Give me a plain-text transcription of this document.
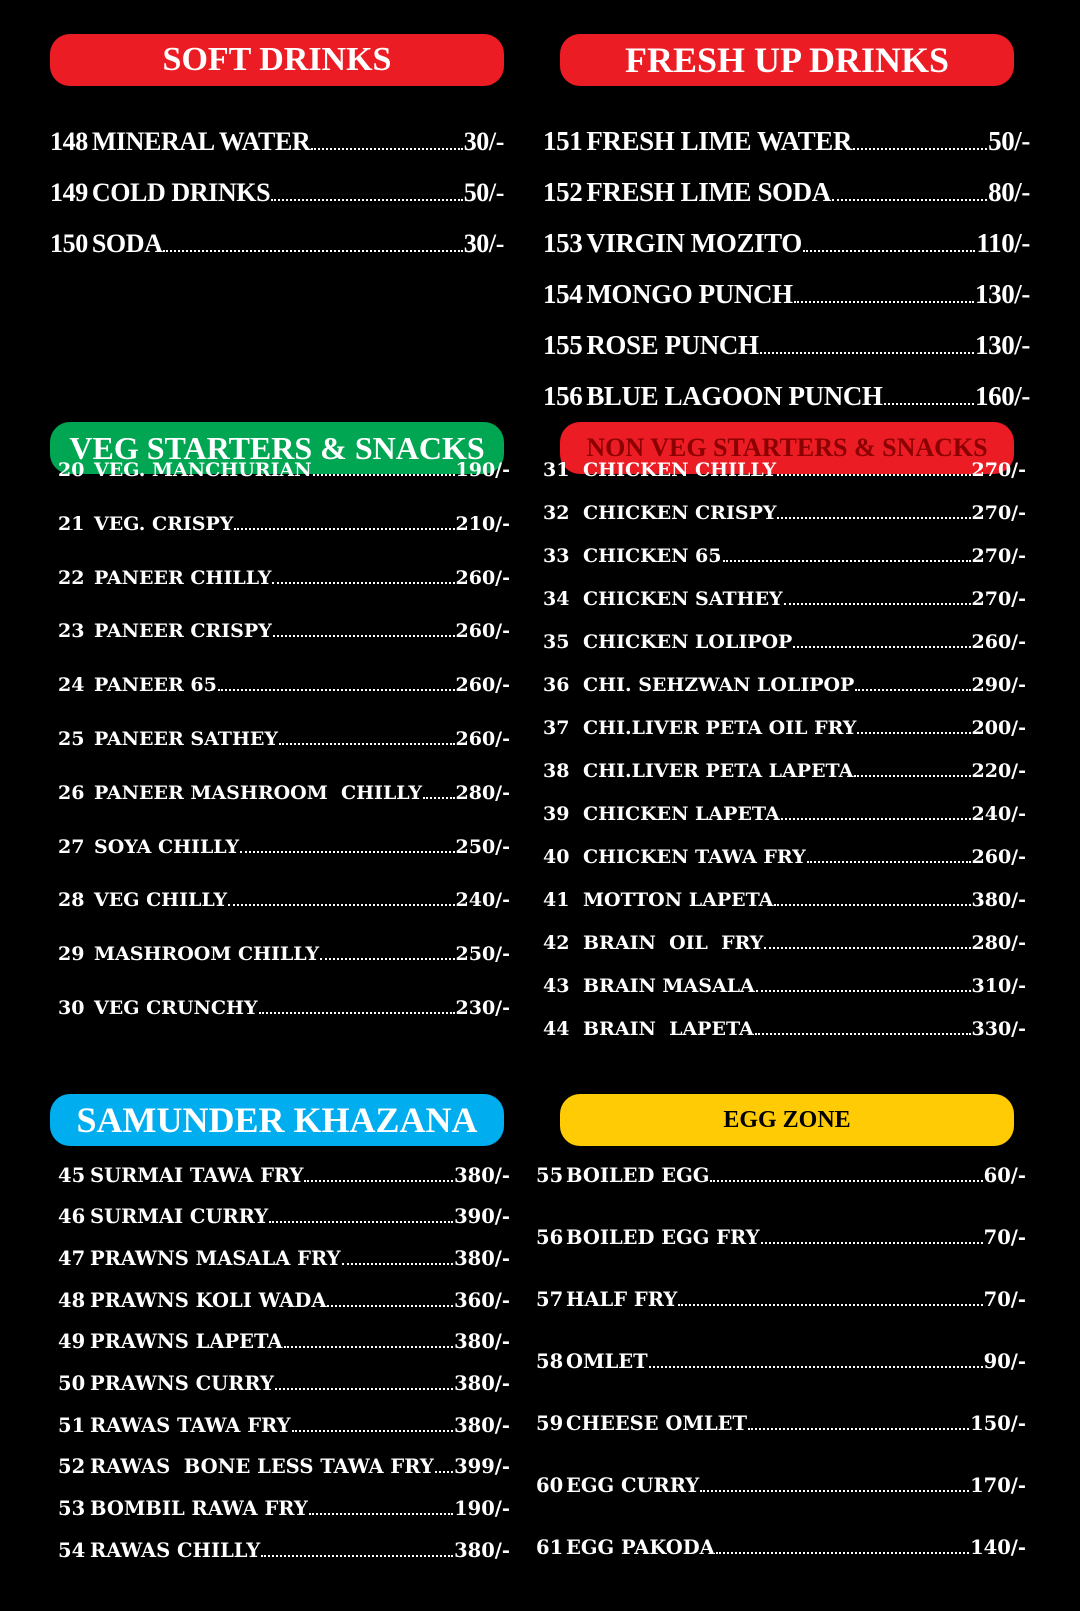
SOFT DRINKS
148 MINERAL WATER	30/-
149 COLD DRINKS	50/-
150 SODA	30/-
FRESH UP DRINKS
151 FRESH LIME WATER	50/-
152 FRESH LIME SODA	80/-
153 VIRGIN MOZITO	110/-
154 MONGO PUNCH	130/-
155 ROSE PUNCH	130/-
156 BLUE LAGOON PUNCH	160/-
VEG STARTERS & SNACKS
20 VEG. MANCHURIAN	190/-
21 VEG. CRISPY	210/-
22 PANEER CHILLY	260/-
23 PANEER CRISPY	260/-
24 PANEER 65	260/-
25 PANEER SATHEY	260/-
26 PANEER MASHROOM  CHILLY 280/-
27 SOYA CHILLY	250/-
28 VEG CHILLY	240/-
29 MASHROOM CHILLY	250/-
30 VEG CRUNCHY	230/-
NON VEG STARTERS & SNACKS
31 CHICKEN CHILLY	270/-
32 CHICKEN CRISPY	270/-
33 CHICKEN 65	270/-
34 CHICKEN SATHEY	270/-
35 CHICKEN LOLIPOP	260/-
36 CHI. SEHZWAN LOLIPOP	290/-
37 CHI.LIVER PETA OIL FRY	200/-
38 CHI.LIVER PETA LAPETA	220/-
39 CHICKEN LAPETA	240/-
40 CHICKEN TAWA FRY	260/-
41 MOTTON LAPETA	380/-
42 BRAIN  OIL  FRY	280/-
43 BRAIN MASALA	310/-
44 BRAIN  LAPETA	330/-
SAMUNDER KHAZANA
45 SURMAI TAWA FRY	380/-
46 SURMAI CURRY	390/-
47 PRAWNS MASALA FRY	380/-
48 PRAWNS KOLI WADA	360/-
49 PRAWNS LAPETA	380/-
50 PRAWNS CURRY	380/-
51 RAWAS TAWA FRY	380/-
52 RAWAS  BONE LESS TAWA FRY 399/-
53 BOMBIL RAWA FRY	190/-
54 RAWAS CHILLY	380/-
EGG ZONE
55 BOILED EGG	60/-
56 BOILED EGG FRY	70/-
57 HALF FRY	70/-
58 OMLET	90/-
59 CHEESE OMLET	150/-
60 EGG CURRY	170/-
61 EGG PAKODA	140/-
